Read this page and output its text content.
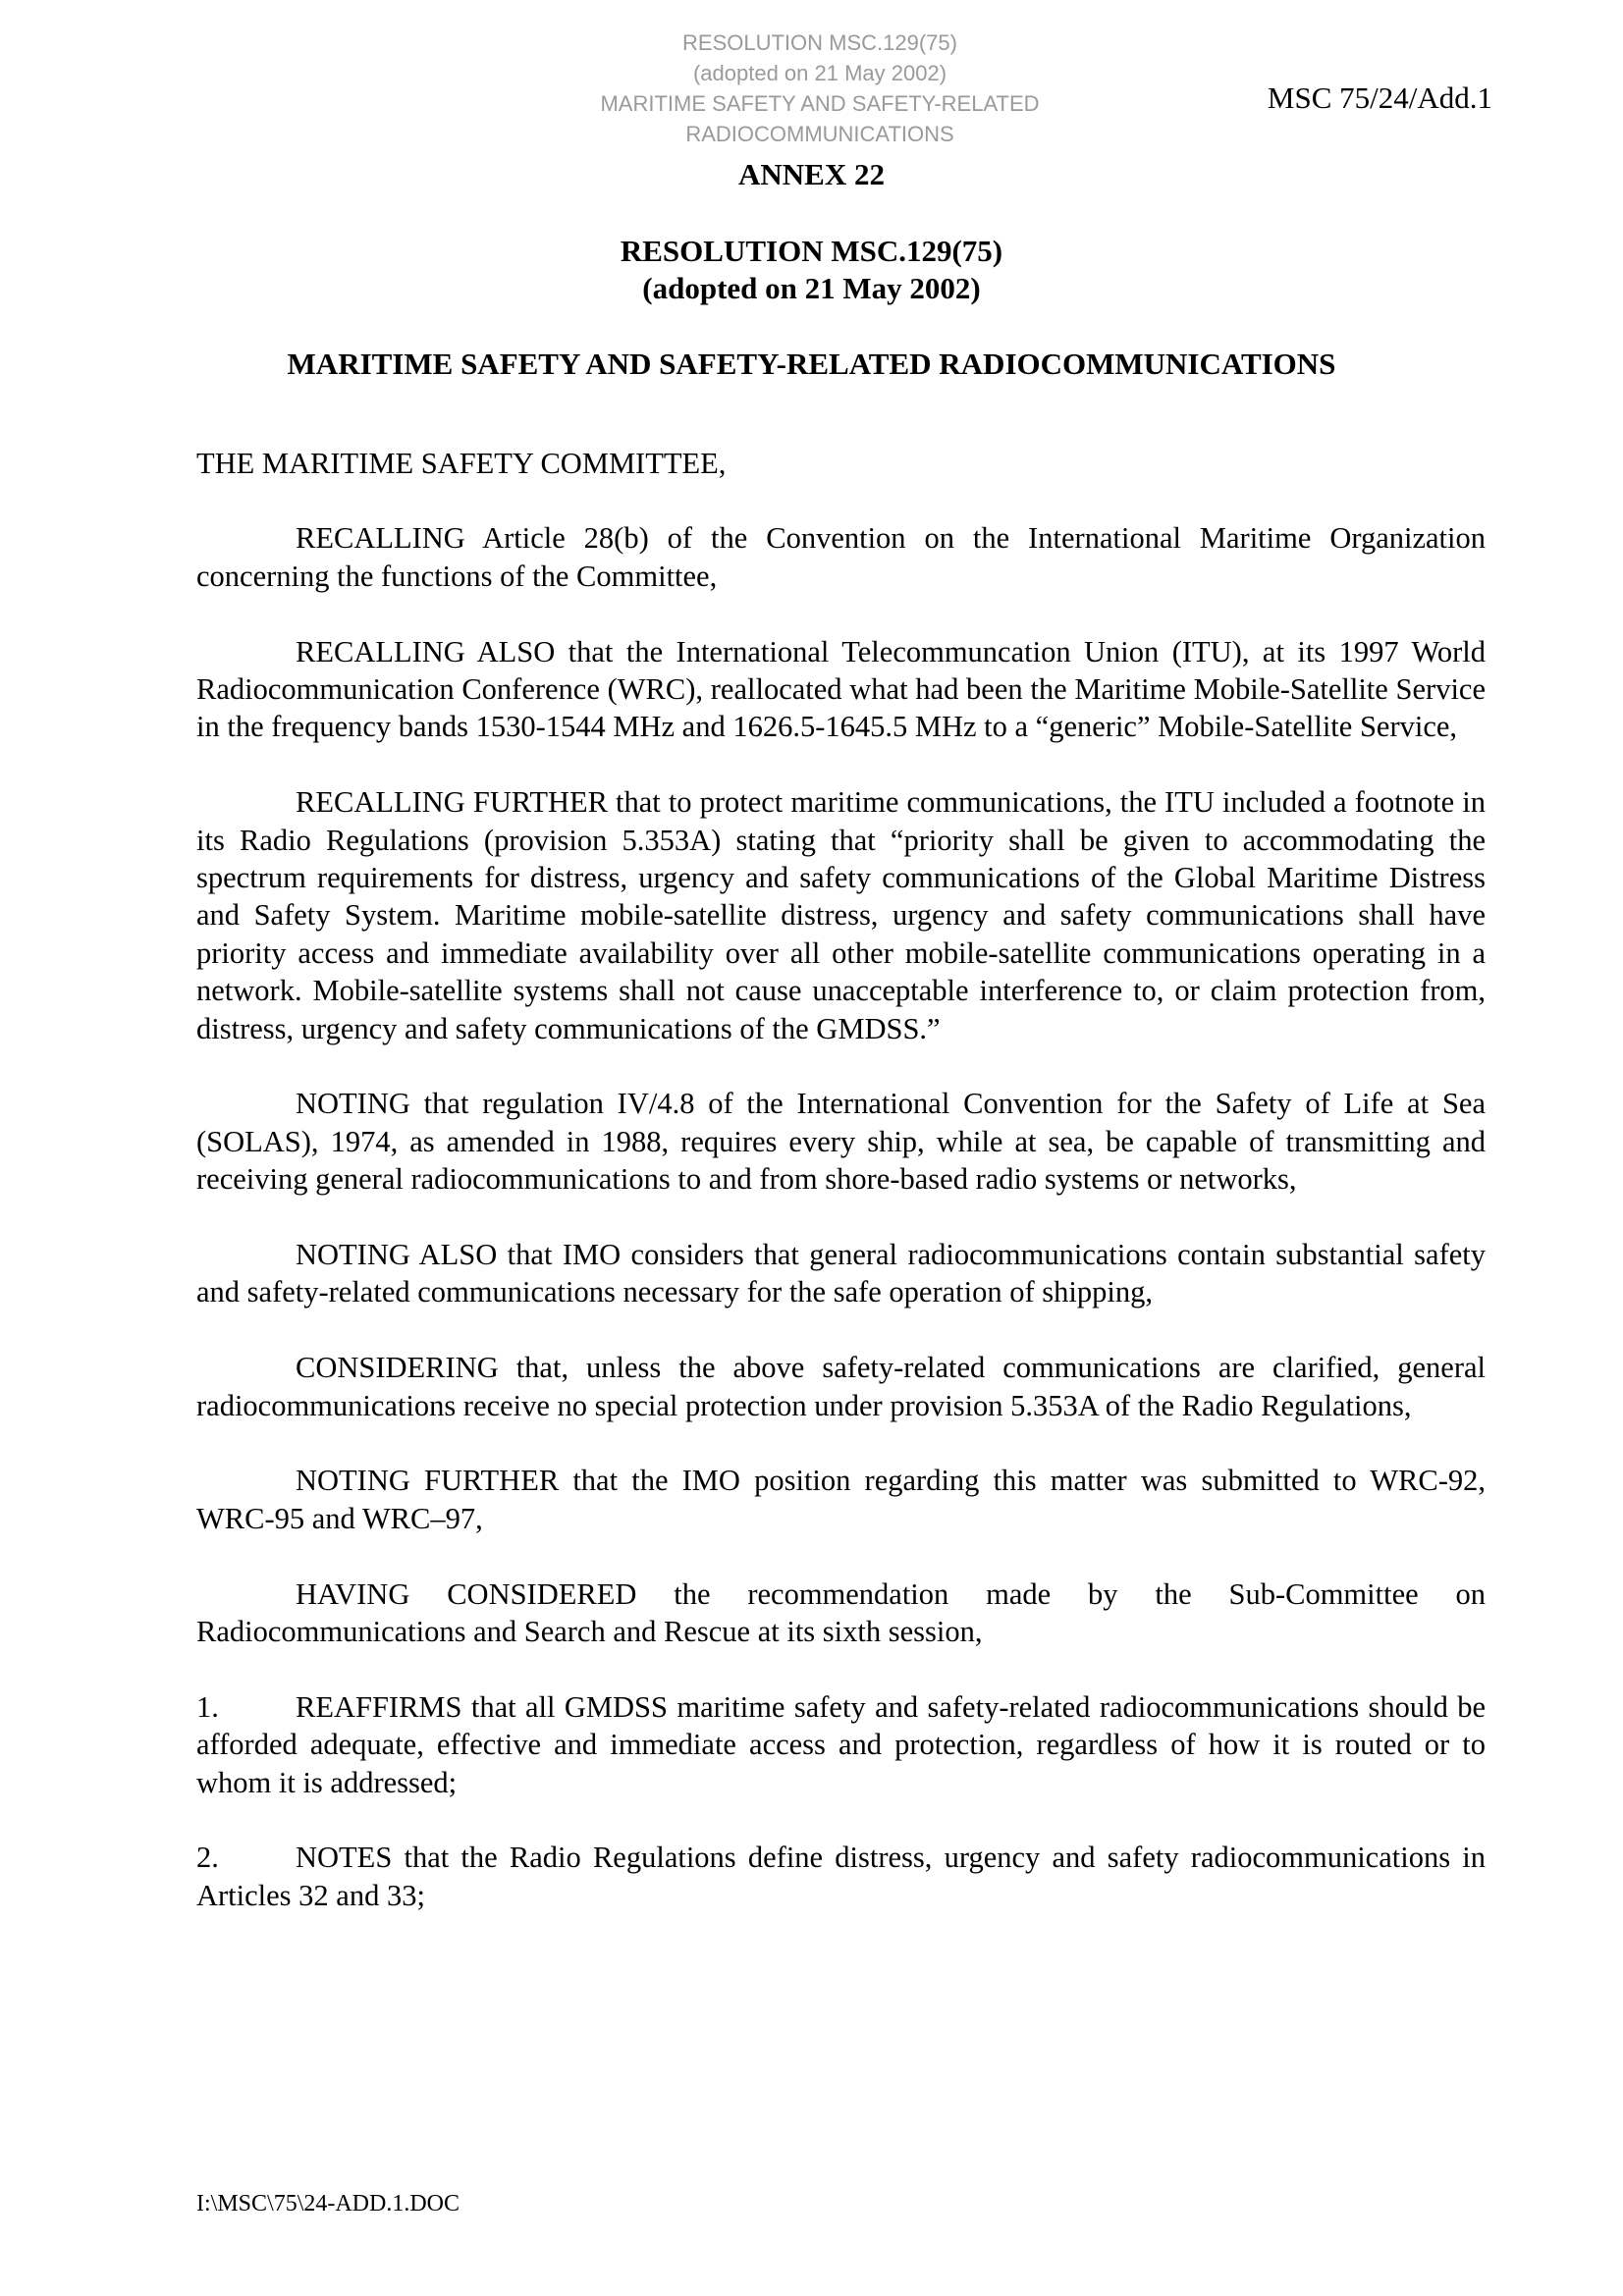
RESOLUTION MSC.129(75)
(adopted on 21 May 2002)
MARITIME SAFETY AND SAFETY-RELATED
RADIOCOMMUNICATIONS
MSC 75/24/Add.1
ANNEX 22
RESOLUTION MSC.129(75)
(adopted on 21 May 2002)
MARITIME SAFETY AND SAFETY-RELATED RADIOCOMMUNICATIONS

THE MARITIME SAFETY COMMITTEE,

RECALLING Article 28(b) of the Convention on the International Maritime Organization concerning the functions of the Committee,

RECALLING ALSO that the International Telecommuncation Union (ITU), at its 1997 World Radiocommunication Conference (WRC), reallocated what had been the Maritime Mobile-Satellite Service in the frequency bands 1530-1544 MHz and 1626.5-1645.5 MHz to a “generic” Mobile-Satellite Service,

RECALLING FURTHER that to protect maritime communications, the ITU included a footnote in its Radio Regulations (provision 5.353A) stating that “priority shall be given to accommodating the spectrum requirements for distress, urgency and safety communications of the Global Maritime Distress and Safety System. Maritime mobile-satellite distress, urgency and safety communications shall have priority access and immediate availability over all other mobile-satellite communications operating in a network. Mobile-satellite systems shall not cause unacceptable interference to, or claim protection from, distress, urgency and safety communications of the GMDSS.”

NOTING that regulation IV/4.8 of the International Convention for the Safety of Life at Sea (SOLAS), 1974, as amended in 1988, requires every ship, while at sea, be capable of transmitting and receiving general radiocommunications to and from shore-based radio systems or networks,

NOTING ALSO that IMO considers that general radiocommunications contain substantial safety and safety-related communications necessary for the safe operation of shipping,

CONSIDERING that, unless the above safety-related communications are clarified, general radiocommunications receive no special protection under provision 5.353A of the Radio Regulations,

NOTING FURTHER that the IMO position regarding this matter was submitted to WRC-92, WRC-95 and WRC–97,

HAVING CONSIDERED the recommendation made by the Sub-Committee on Radiocommunications and Search and Rescue at its sixth session,

1.	REAFFIRMS that all GMDSS maritime safety and safety-related radiocommunications should be afforded adequate, effective and immediate access and protection, regardless of how it is routed or to whom it is addressed;

2.	NOTES that the Radio Regulations define distress, urgency and safety radiocommunications in Articles 32 and 33;

I:\MSC\75\24-ADD.1.DOC
